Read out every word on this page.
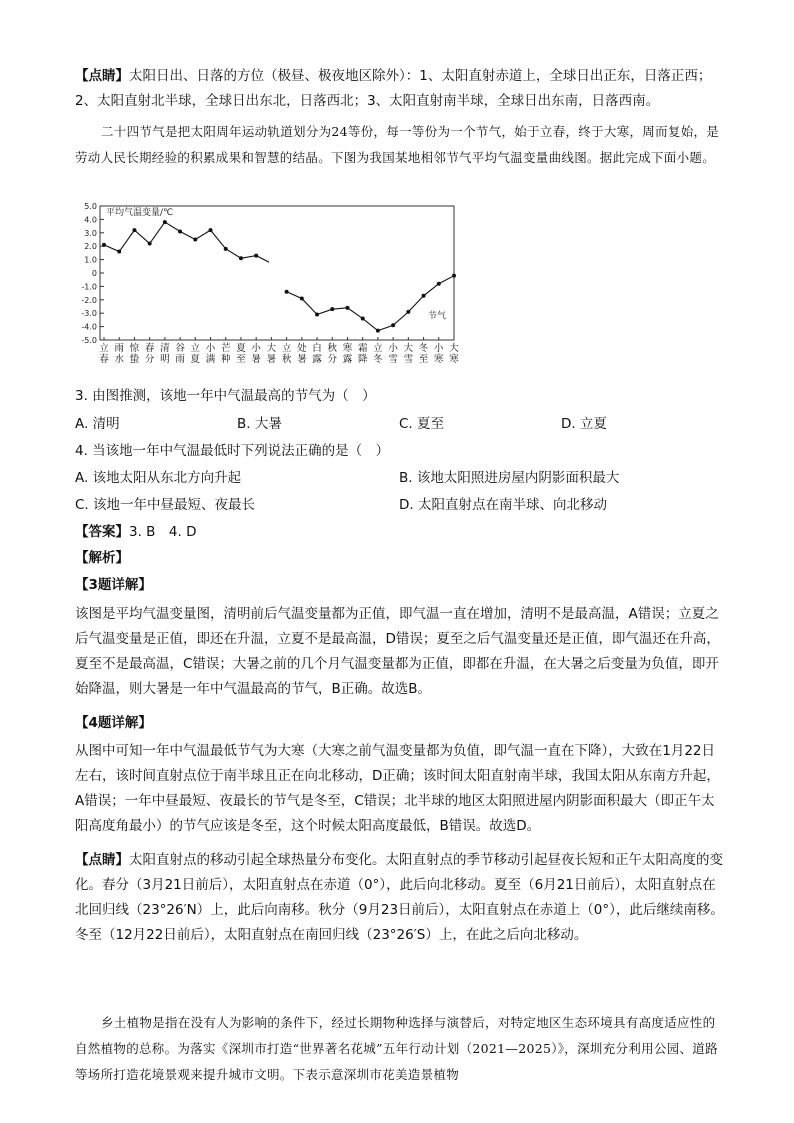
【点睛】太阳日出、日落的方位（极昼、极夜地区除外）：1、太阳直射赤道上，全球日出正东，日落正西；2、太阳直射北半球，全球日出东北，日落西北；3、太阳直射南半球，全球日出东南，日落西南。

二十四节气是把太阳周年运动轨道划分为24等份，每一等份为一个节气，始于立春，终于大寒，周而复始，是劳动人民长期经验的积累成果和智慧的结晶。下图为我国某地相邻节气平均气温变量曲线图。据此完成下面小题。

5.0
4.0
3.0
2.0
1.0
0
-1.0
-2.0
-3.0
-4.0
-5.0
平均气温变量/℃
节气
立春
雨水
惊蛰
春分
清明
谷雨
立夏
小满
芒种
夏至
小暑
大暑
立秋
处暑
白露
秋分
寒露
霜降
立冬
小雪
大雪
冬至
小寒
大寒

3. 由图推测，该地一年中气温最高的节气为（　）

A. 清明	B. 大暑	C. 夏至	D. 立夏

4. 当该地一年中气温最低时下列说法正确的是（　）

A. 该地太阳从东北方向升起	B. 该地太阳照进房屋内阴影面积最大
C. 该地一年中昼最短、夜最长	D. 太阳直射点在南半球、向北移动
【答案】3. B　4. D
【解析】
【3题详解】

该图是平均气温变量图，清明前后气温变量都为正值，即气温一直在增加，清明不是最高温，A错误；立夏之后气温变量是正值，即还在升温，立夏不是最高温，D错误；夏至之后气温变量还是正值，即气温还在升高，夏至不是最高温，C错误；大暑之前的几个月气温变量都为正值，即都在升温，在大暑之后变量为负值，即开始降温，则大暑是一年中气温最高的节气，B正确。故选B。

【4题详解】

从图中可知一年中气温最低节气为大寒（大寒之前气温变量都为负值，即气温一直在下降），大致在1月22日左右，该时间直射点位于南半球且正在向北移动，D正确；该时间太阳直射南半球，我国太阳从东南方升起，A错误；一年中昼最短、夜最长的节气是冬至，C错误；北半球的地区太阳照进屋内阴影面积最大（即正午太阳高度角最小）的节气应该是冬至，这个时候太阳高度最低，B错误。故选D。

【点睛】太阳直射点的移动引起全球热量分布变化。太阳直射点的季节移动引起昼夜长短和正午太阳高度的变化。春分（3月21日前后），太阳直射点在赤道（0°），此后向北移动。夏至（6月21日前后），太阳直射点在北回归线（23°26′N）上，此后向南移。秋分（9月23日前后），太阳直射点在赤道上（0°），此后继续南移。冬至（12月22日前后），太阳直射点在南回归线（23°26′S）上，在此之后向北移动。

乡土植物是指在没有人为影响的条件下，经过长期物种选择与演替后，对特定地区生态环境具有高度适应性的自然植物的总称。为落实《深圳市打造“世界著名花城”五年行动计划（2021—2025）》，深圳充分利用公园、道路等场所打造花境景观来提升城市文明。下表示意深圳市花美造景植物
